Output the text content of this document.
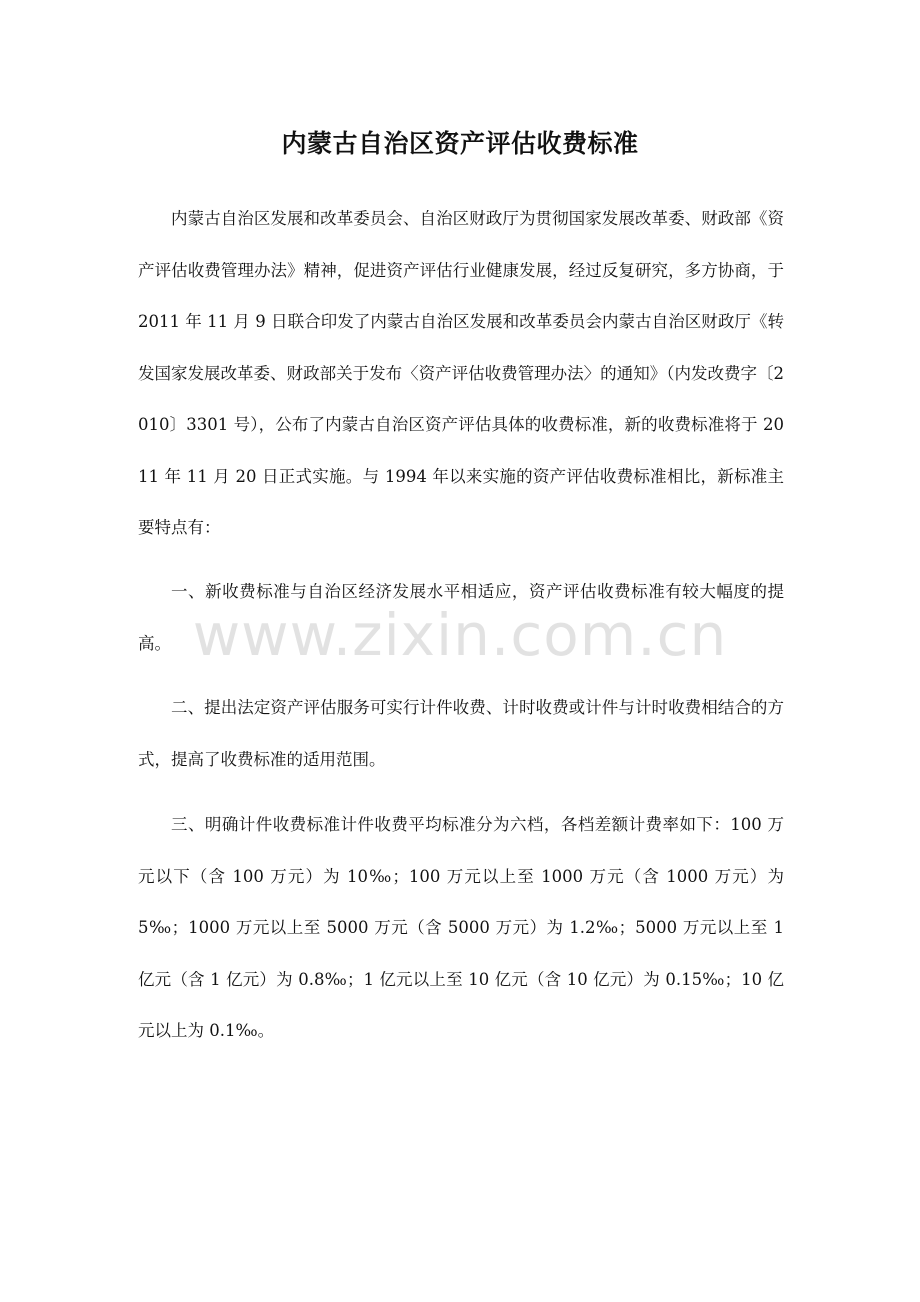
内蒙古自治区资产评估收费标准

内蒙古自治区发展和改革委员会、自治区财政厅为贯彻国家发展改革委、财政部《资产评估收费管理办法》精神，促进资产评估行业健康发展，经过反复研究，多方协商，于 2011 年 11 月 9 日联合印发了内蒙古自治区发展和改革委员会内蒙古自治区财政厅《转发国家发展改革委、财政部关于发布〈资产评估收费管理办法〉的通知》（内发改费字〔2010〕3301 号），公布了内蒙古自治区资产评估具体的收费标准，新的收费标准将于 2011 年 11 月 20 日正式实施。与 1994 年以来实施的资产评估收费标准相比，新标准主要特点有：

一、新收费标准与自治区经济发展水平相适应，资产评估收费标准有较大幅度的提高。

二、提出法定资产评估服务可实行计件收费、计时收费或计件与计时收费相结合的方式，提高了收费标准的适用范围。

三、明确计件收费标准计件收费平均标准分为六档，各档差额计费率如下：100 万元以下（含 100 万元）为 10‰；100 万元以上至 1000 万元（含 1000 万元）为 5‰；1000 万元以上至 5000 万元（含 5000 万元）为 1.2‰；5000 万元以上至 1 亿元（含 1 亿元）为 0.8‰；1 亿元以上至 10 亿元（含 10 亿元）为 0.15‰；10 亿元以上为 0.1‰。

www.zixin.com.cn
